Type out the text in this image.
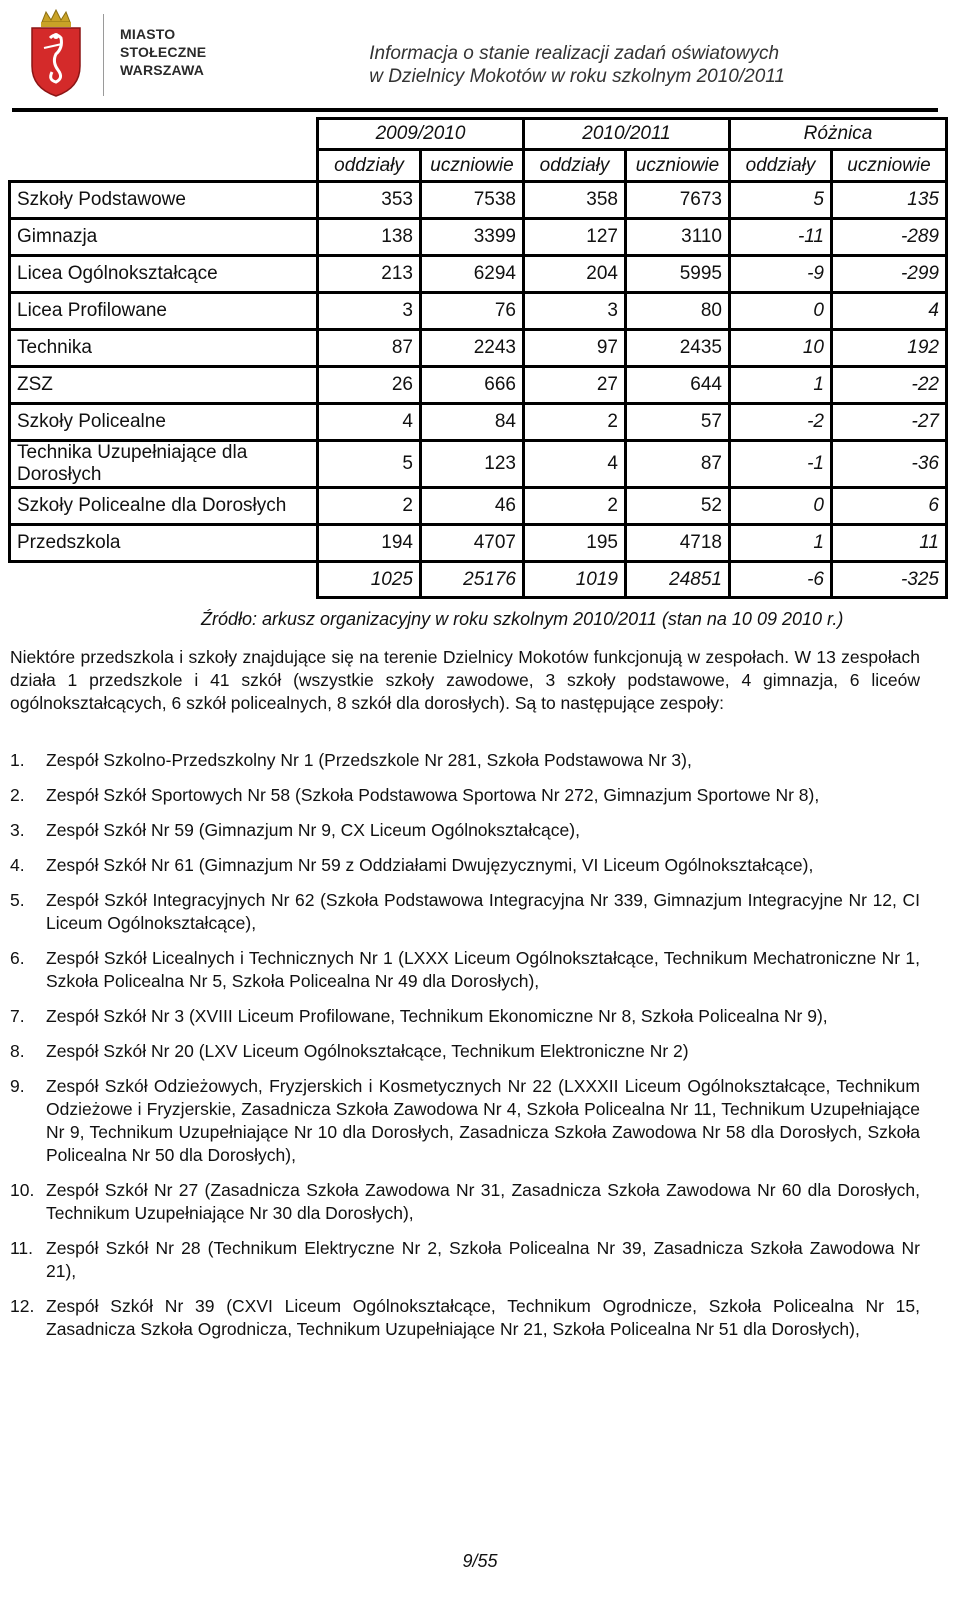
MIASTO
STOŁECZNE
WARSZAWA
Informacja o stanie realizacji zadań oświatowych
w Dzielnicy Mokotów w roku szkolnym 2010/2011
	2009/2010		2010/2011		Różnica	
	oddziały	uczniowie	oddziały	uczniowie	oddziały	uczniowie
Szkoły Podstawowe	353	7538	358	7673	5	135
Gimnazja	138	3399	127	3110	-11	-289
Licea Ogólnokształcące	213	6294	204	5995	-9	-299
Licea Profilowane	3	76	3	80	0	4
Technika	87	2243	97	2435	10	192
ZSZ	26	666	27	644	1	-22
Szkoły Policealne	4	84	2	57	-2	-27
Technika Uzupełniające dla Dorosłych	5	123	4	87	-1	-36
Szkoły Policealne dla Dorosłych	2	46	2	52	0	6
Przedszkola	194	4707	195	4718	1	11
	1025	25176	1019	24851	-6	-325
Źródło: arkusz organizacyjny w roku szkolnym 2010/2011 (stan na 10 09 2010 r.)
Niektóre przedszkola i szkoły znajdujące się na terenie Dzielnicy Mokotów funkcjonują w zespołach. W 13 zespołach działa 1 przedszkole i 41 szkół (wszystkie szkoły zawodowe, 3 szkoły podstawowe, 4 gimnazja, 6 liceów ogólnokształcących, 6 szkół policealnych, 8 szkół dla dorosłych). Są to następujące zespoły:
1. Zespół Szkolno-Przedszkolny Nr 1 (Przedszkole Nr 281, Szkoła Podstawowa Nr 3),
2. Zespół Szkół Sportowych Nr 58 (Szkoła Podstawowa Sportowa Nr 272, Gimnazjum Sportowe Nr 8),
3. Zespół Szkół Nr 59 (Gimnazjum Nr 9, CX Liceum Ogólnokształcące),
4. Zespół Szkół Nr 61 (Gimnazjum Nr 59 z Oddziałami Dwujęzycznymi, VI Liceum Ogólnokształcące),
5. Zespół Szkół Integracyjnych Nr 62 (Szkoła Podstawowa Integracyjna Nr 339, Gimnazjum Integracyjne Nr 12, CI Liceum Ogólnokształcące),
6. Zespół Szkół Licealnych i Technicznych Nr 1 (LXXX Liceum Ogólnokształcące, Technikum Mechatroniczne Nr 1, Szkoła Policealna Nr 5, Szkoła Policealna Nr 49 dla Dorosłych),
7. Zespół Szkół Nr 3 (XVIII Liceum Profilowane, Technikum Ekonomiczne Nr 8, Szkoła Policealna Nr 9),
8. Zespół Szkół Nr 20 (LXV Liceum Ogólnokształcące, Technikum Elektroniczne Nr 2)
9. Zespół Szkół Odzieżowych, Fryzjerskich i Kosmetycznych Nr 22 (LXXXII Liceum Ogólnokształcące, Technikum Odzieżowe i Fryzjerskie, Zasadnicza Szkoła Zawodowa Nr 4, Szkoła Policealna Nr 11, Technikum Uzupełniające Nr 9, Technikum Uzupełniające Nr 10 dla Dorosłych, Zasadnicza Szkoła Zawodowa Nr 58 dla Dorosłych, Szkoła Policealna Nr 50 dla Dorosłych),
10. Zespół Szkół Nr 27 (Zasadnicza Szkoła Zawodowa Nr 31, Zasadnicza Szkoła Zawodowa Nr 60 dla Dorosłych, Technikum Uzupełniające Nr 30 dla Dorosłych),
11. Zespół Szkół Nr 28 (Technikum Elektryczne Nr 2, Szkoła Policealna Nr 39, Zasadnicza Szkoła Zawodowa Nr 21),
12. Zespół Szkół Nr 39 (CXVI Liceum Ogólnokształcące, Technikum Ogrodnicze, Szkoła Policealna Nr 15, Zasadnicza Szkoła Ogrodnicza, Technikum Uzupełniające Nr 21, Szkoła Policealna Nr 51 dla Dorosłych),
9/55
